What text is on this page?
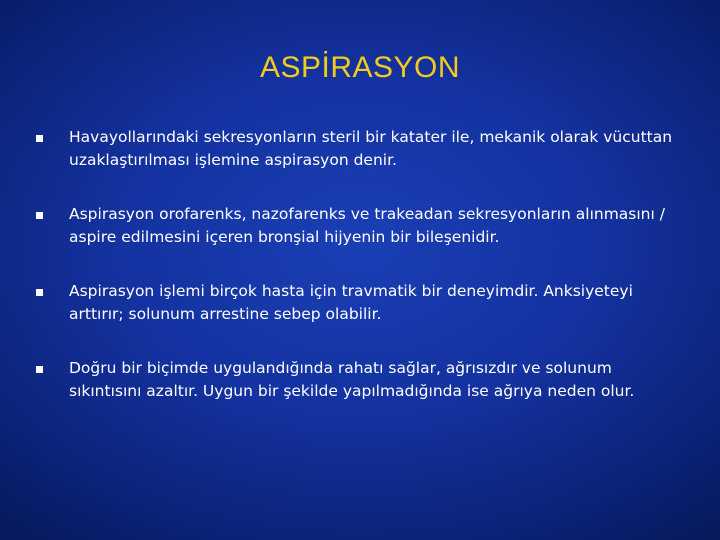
ASPİRASYON
Havayollarındaki sekresyonların steril bir katater ile, mekanik olarak vücuttan uzaklaştırılması işlemine aspirasyon denir.
Aspirasyon orofarenks, nazofarenks ve trakeadan sekresyonların alınmasını / aspire edilmesini içeren bronşial hijyenin bir bileşenidir.
Aspirasyon işlemi birçok hasta için travmatik bir deneyimdir. Anksiyeteyi arttırır; solunum arrestine sebep olabilir.
Doğru bir biçimde uygulandığında rahatı sağlar, ağrısızdır ve solunum sıkıntısını azaltır. Uygun bir şekilde yapılmadığında ise ağrıya neden olur.
